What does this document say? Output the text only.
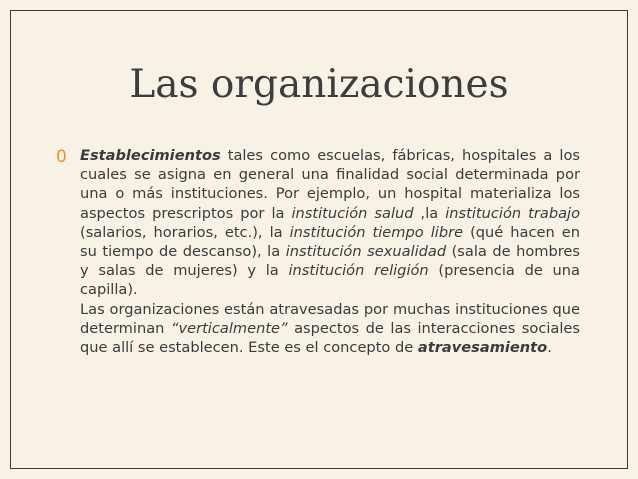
Las organizaciones
0 Establecimientos tales como escuelas, fábricas, hospitales a los cuales se asigna en general una finalidad social determinada por una o más instituciones. Por ejemplo, un hospital materializa los aspectos prescriptos por la institución salud ,la institución trabajo (salarios, horarios, etc.), la institución tiempo libre (qué hacen en su tiempo de descanso), la institución sexualidad (sala de hombres y salas de mujeres) y la institución religión (presencia de una capilla).

Las organizaciones están atravesadas por muchas instituciones que determinan “verticalmente” aspectos de las interacciones sociales que allí se establecen. Este es el concepto de atravesamiento.
